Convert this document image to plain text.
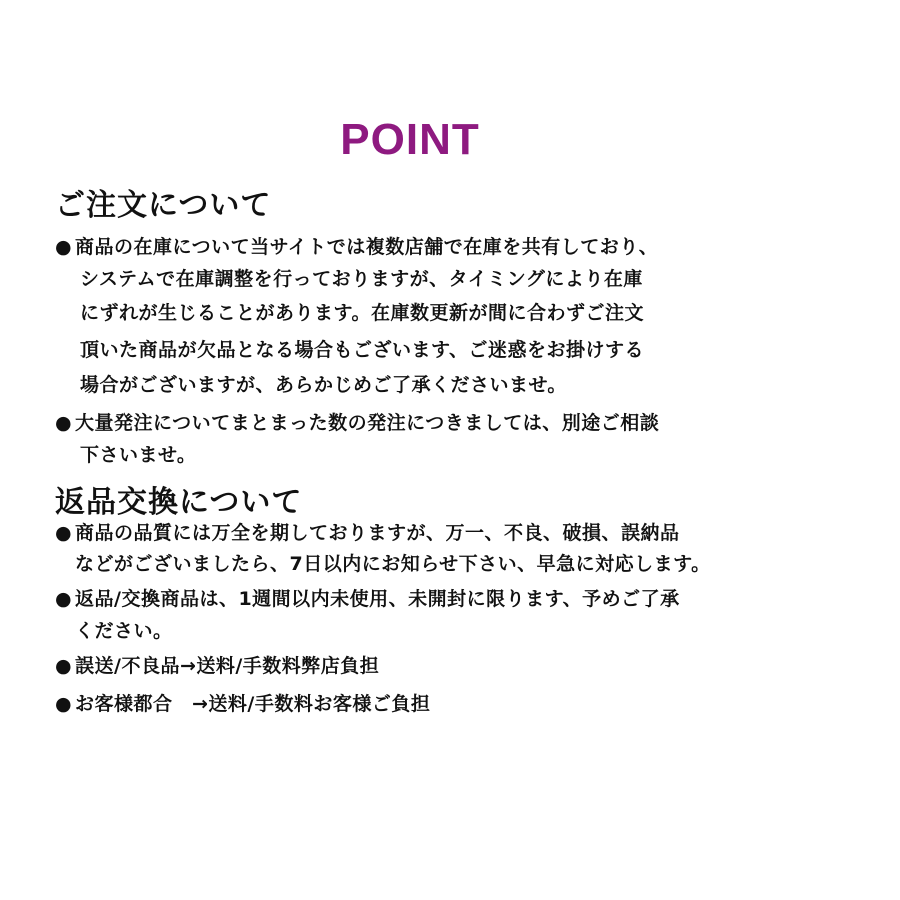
POINT
ご注文について
● 商品の在庫について当サイトでは複数店舗で在庫を共有しており、
システムで在庫調整を行っておりますが、タイミングにより在庫
にずれが生じることがあります。在庫数更新が間に合わずご注文
頂いた商品が欠品となる場合もございます、ご迷惑をお掛けする
場合がございますが、あらかじめご了承くださいませ。
● 大量発注についてまとまった数の発注につきましては、別途ご相談
下さいませ。
返品交換について
● 商品の品質には万全を期しておりますが、万一、不良、破損、誤納品
などがございましたら、7日以内にお知らせ下さい、早急に対応します。
● 返品/交換商品は、1週間以内未使用、未開封に限ります、予めご了承
ください。
● 誤送/不良品→送料/手数料弊店負担
● お客様都合　→送料/手数料お客様ご負担
